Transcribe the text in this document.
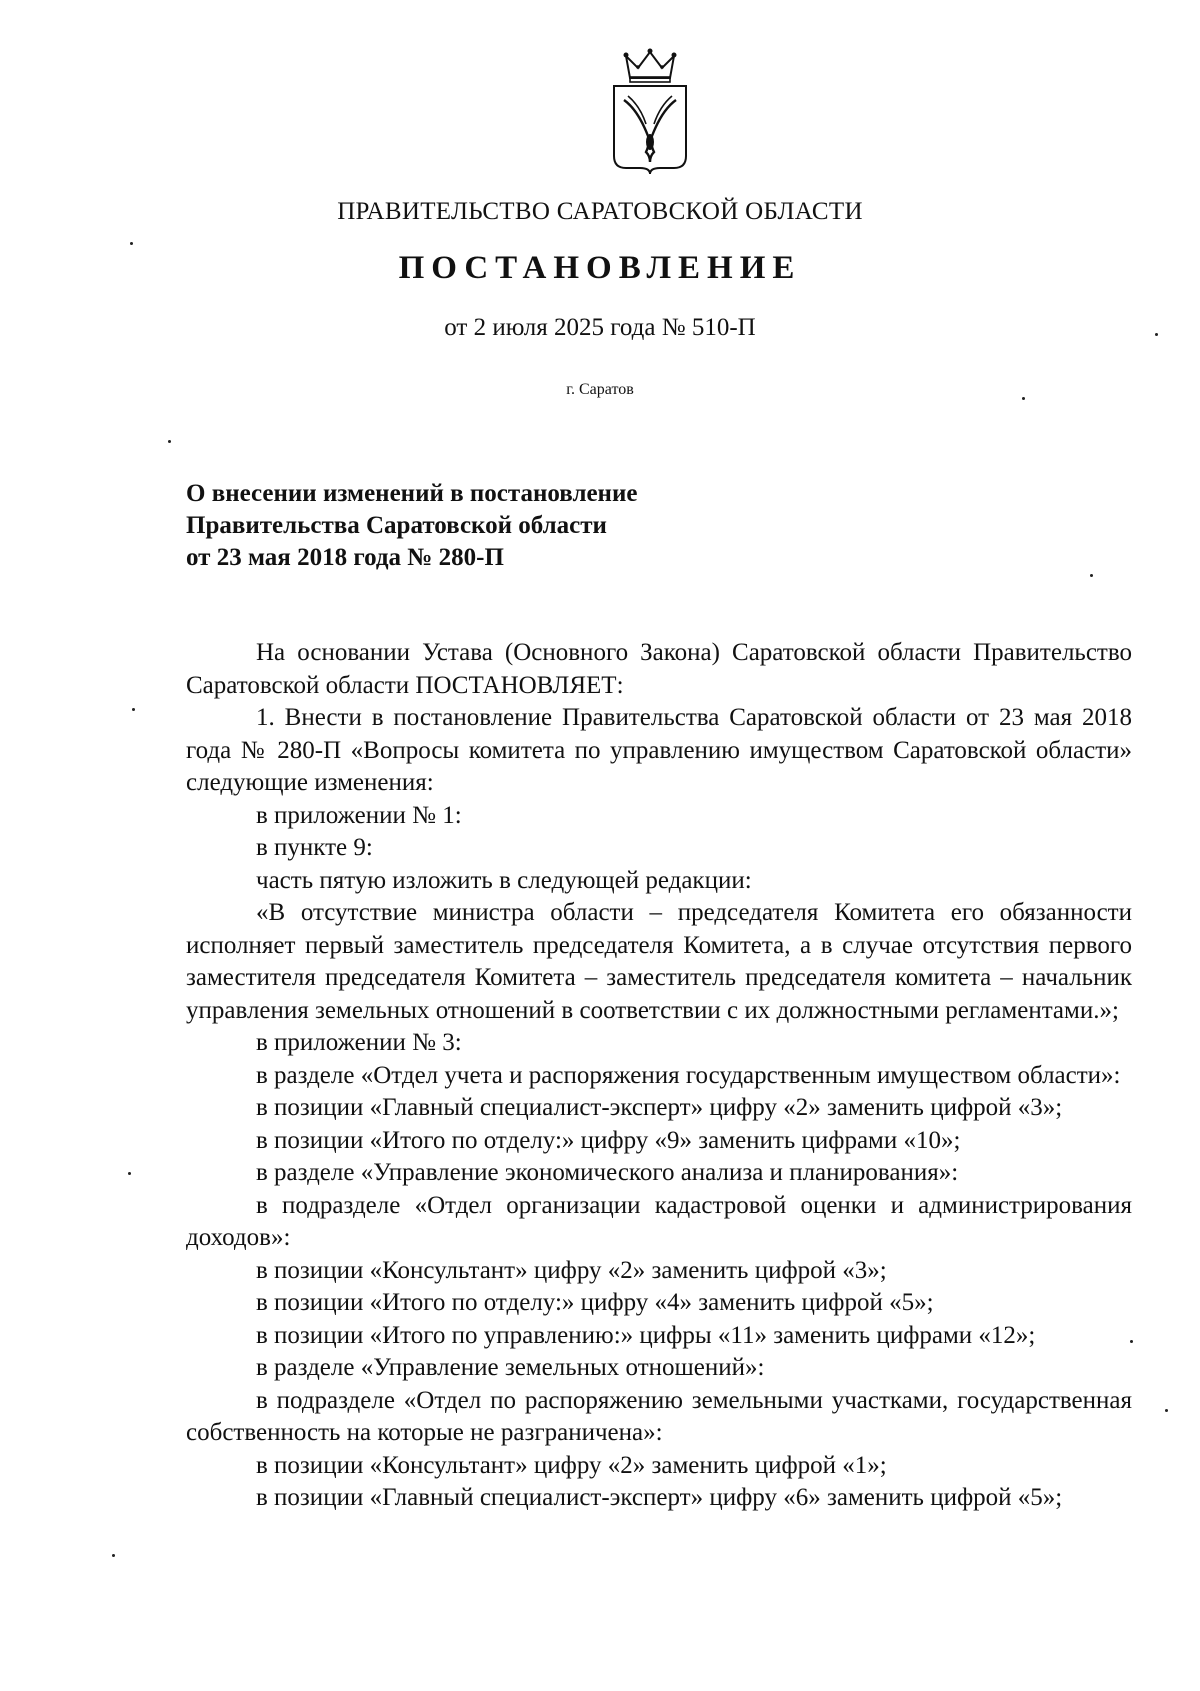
ПРАВИТЕЛЬСТВО САРАТОВСКОЙ ОБЛАСТИ
ПОСТАНОВЛЕНИЕ
от 2 июля 2025 года № 510-П
г. Саратов
О внесении изменений в постановление
Правительства Саратовской области
от 23 мая 2018 года № 280-П

На основании Устава (Основного Закона) Саратовской области Правительство Саратовской области ПОСТАНОВЛЯЕТ:

1. Внести в постановление Правительства Саратовской области от 23 мая 2018 года № 280-П «Вопросы комитета по управлению имуществом Саратовской области» следующие изменения:

в приложении № 1:

в пункте 9:

часть пятую изложить в следующей редакции:

«В отсутствие министра области – председателя Комитета его обязанности исполняет первый заместитель председателя Комитета, а в случае отсутствия первого заместителя председателя Комитета – заместитель председателя комитета – начальник управления земельных отношений в соответствии с их должностными регламентами.»;

в приложении № 3:

в разделе «Отдел учета и распоряжения государственным имуществом области»:

в позиции «Главный специалист-эксперт» цифру «2» заменить цифрой «3»;

в позиции «Итого по отделу:» цифру «9» заменить цифрами «10»;

в разделе «Управление экономического анализа и планирования»:

в подразделе «Отдел организации кадастровой оценки и администрирования доходов»:

в позиции «Консультант» цифру «2» заменить цифрой «3»;

в позиции «Итого по отделу:» цифру «4» заменить цифрой «5»;

в позиции «Итого по управлению:» цифры «11» заменить цифрами «12»;

в разделе «Управление земельных отношений»:

в подразделе «Отдел по распоряжению земельными участками, государственная собственность на которые не разграничена»:

в позиции «Консультант» цифру «2» заменить цифрой «1»;

в позиции «Главный специалист-эксперт» цифру «6» заменить цифрой «5»;
